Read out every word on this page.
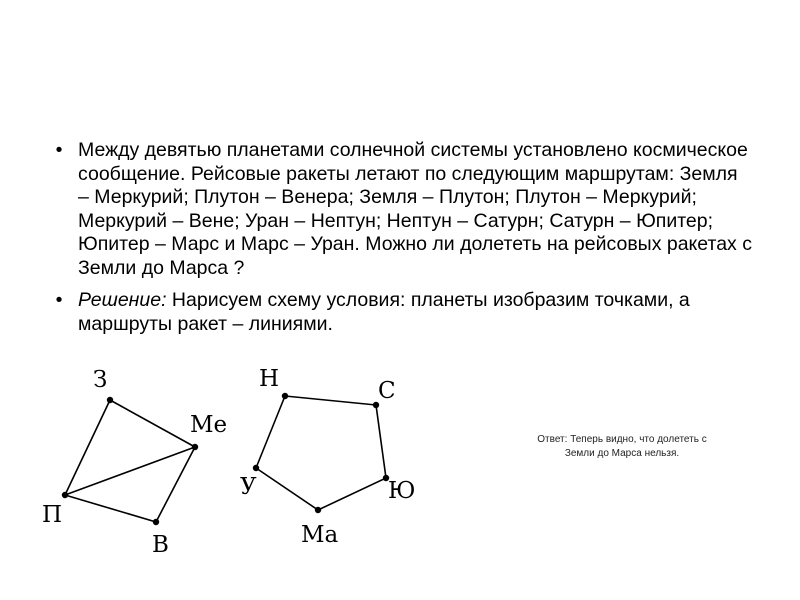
• Между девятью планетами солнечной системы установлено космическое сообщение. Рейсовые ракеты летают по следующим маршрутам: Земля – Меркурий; Плутон – Венера; Земля – Плутон; Плутон – Меркурий; Меркурий – Вене; Уран – Нептун; Нептун – Сатурн; Сатурн – Юпитер; Юпитер – Марс и Марс – Уран. Можно ли долететь на рейсовых ракетах с Земли до Марса ?
• Решение: Нарисуем схему условия: планеты изобразим точками, а маршруты ракет – линиями.
З
Ме
П
В
Н	С
Ю
Ма
У
Ответ: Теперь видно, что долететь с Земли до Марса нельзя.
